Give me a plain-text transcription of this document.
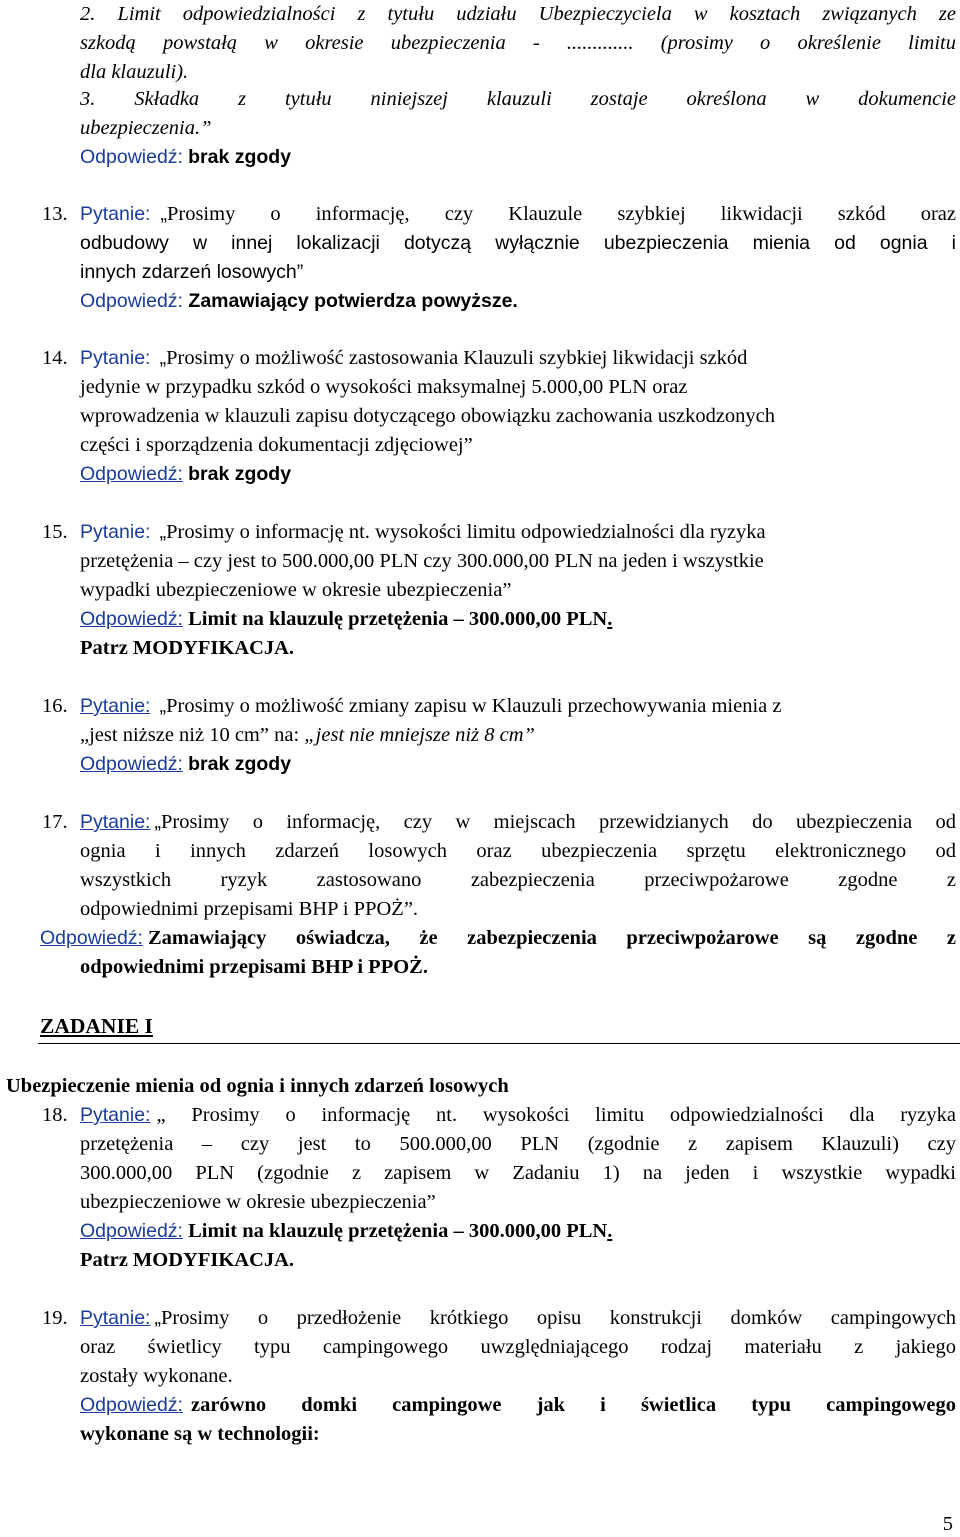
2. Limit odpowiedzialności z tytułu udziału Ubezpieczyciela w kosztach związanych ze
szkodą powstałą w okresie ubezpieczenia - ............. (prosimy o określenie limitu
dla klauzuli).
3. Składka z tytułu niniejszej klauzuli zostaje określona w dokumencie
ubezpieczenia.”
Odpowiedź: brak zgody
13. Pytanie: „ Prosimy o informację, czy Klauzule szybkiej likwidacji szkód oraz
odbudowy w innej lokalizacji dotyczą wyłącznie ubezpieczenia mienia od ognia i
innych zdarzeń losowych”
Odpowiedź: Zamawiający potwierdza powyższe.
14. Pytanie: „Prosimy o możliwość zastosowania Klauzuli szybkiej likwidacji szkód
jedynie w przypadku szkód o wysokości maksymalnej 5.000,00 PLN oraz
wprowadzenia w klauzuli zapisu dotyczącego obowiązku zachowania uszkodzonych
części i sporządzenia dokumentacji zdjęciowej”
Odpowiedź: brak zgody
15. Pytanie: „Prosimy o informację nt. wysokości limitu odpowiedzialności dla ryzyka
przetężenia – czy jest to 500.000,00 PLN czy 300.000,00 PLN na jeden i wszystkie
wypadki ubezpieczeniowe w okresie ubezpieczenia”
Odpowiedź: Limit na klauzulę przetężenia – 300.000,00 PLN.
Patrz MODYFIKACJA.
16. Pytanie: „Prosimy o możliwość zmiany zapisu w Klauzuli przechowywania mienia z
„jest niższe niż 10 cm” na: „jest nie mniejsze niż 8 cm”
Odpowiedź: brak zgody
17. Pytanie: „ Prosimy o informację, czy w miejscach przewidzianych do ubezpieczenia od
ognia i innych zdarzeń losowych oraz ubezpieczenia sprzętu elektronicznego od
wszystkich ryzyk zastosowano zabezpieczenia przeciwpożarowe zgodne z
odpowiednimi przepisami BHP i PPOŻ”.
Odpowiedź: Zamawiający oświadcza, że zabezpieczenia przeciwpożarowe są zgodne z
odpowiednimi przepisami BHP i PPOŻ.
ZADANIE I
Ubezpieczenie mienia od ognia i innych zdarzeń losowych
18. Pytanie: „ Prosimy o informację nt. wysokości limitu odpowiedzialności dla ryzyka
przetężenia – czy jest to 500.000,00 PLN (zgodnie z zapisem Klauzuli) czy
300.000,00 PLN (zgodnie z zapisem w Zadaniu 1) na jeden i wszystkie wypadki
ubezpieczeniowe w okresie ubezpieczenia”
Odpowiedź: Limit na klauzulę przetężenia – 300.000,00 PLN.
Patrz MODYFIKACJA.
19. Pytanie: „ Prosimy o przedłożenie krótkiego opisu konstrukcji domków campingowych
oraz świetlicy typu campingowego uwzględniającego rodzaj materiału z jakiego
zostały wykonane.
Odpowiedź: zarówno domki campingowe jak i świetlica typu campingowego
wykonane są w technologii:
5
